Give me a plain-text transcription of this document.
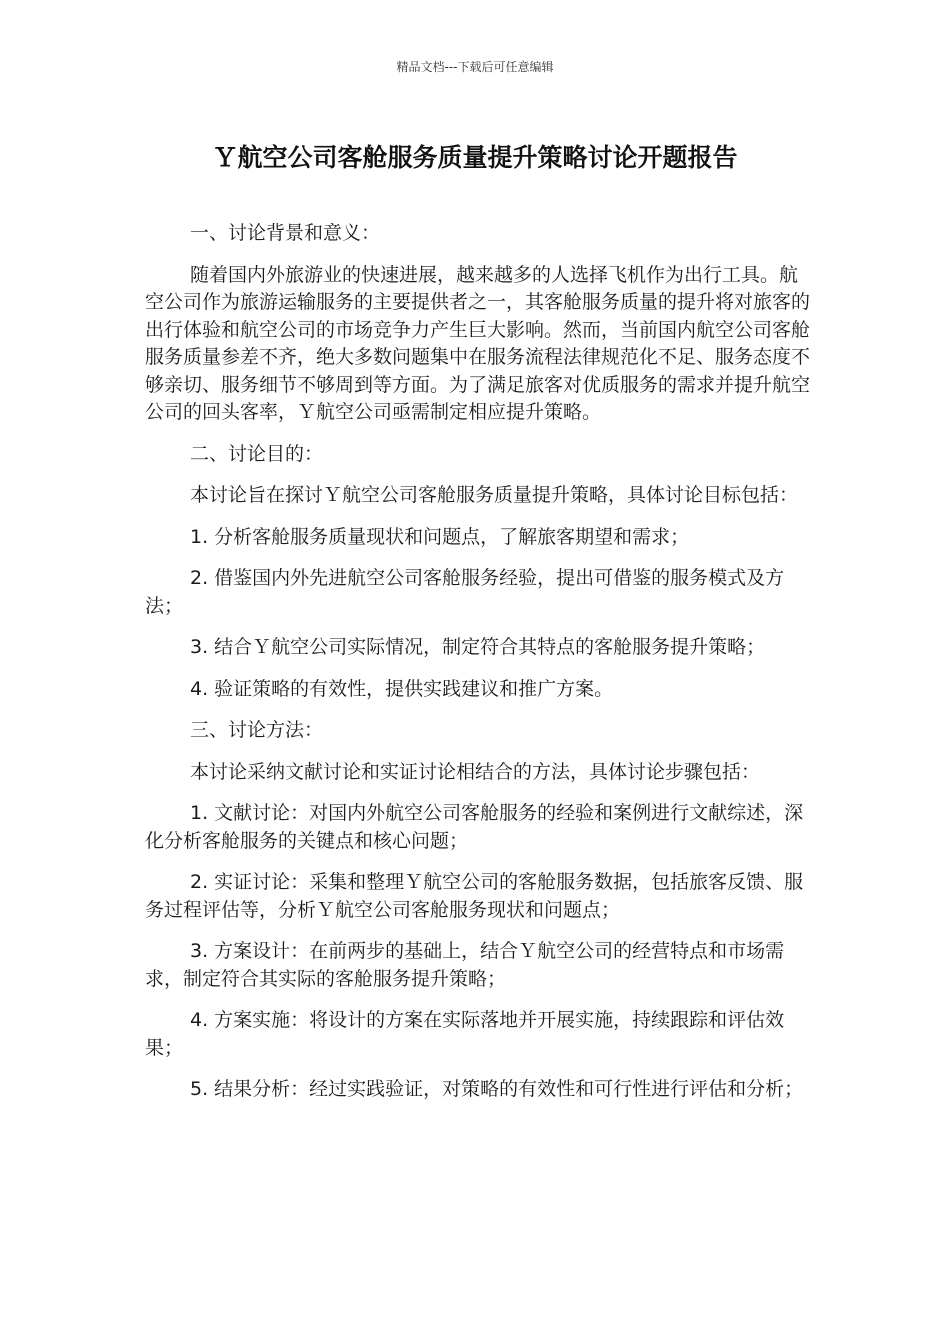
精品文档---下载后可任意编辑
Ｙ航空公司客舱服务质量提升策略讨论开题报告

一、讨论背景和意义：

随着国内外旅游业的快速进展，越来越多的人选择飞机作为出行工具。航空公司作为旅游运输服务的主要提供者之一，其客舱服务质量的提升将对旅客的出行体验和航空公司的市场竞争力产生巨大影响。然而，当前国内航空公司客舱服务质量参差不齐，绝大多数问题集中在服务流程法律规范化不足、服务态度不够亲切、服务细节不够周到等方面。为了满足旅客对优质服务的需求并提升航空公司的回头客率，Ｙ航空公司亟需制定相应提升策略。

二、讨论目的：

本讨论旨在探讨Ｙ航空公司客舱服务质量提升策略，具体讨论目标包括：

1. 分析客舱服务质量现状和问题点，了解旅客期望和需求；

2. 借鉴国内外先进航空公司客舱服务经验，提出可借鉴的服务模式及方法；

3. 结合Ｙ航空公司实际情况，制定符合其特点的客舱服务提升策略；

4. 验证策略的有效性，提供实践建议和推广方案。

三、讨论方法：

本讨论采纳文献讨论和实证讨论相结合的方法，具体讨论步骤包括：

1. 文献讨论：对国内外航空公司客舱服务的经验和案例进行文献综述，深化分析客舱服务的关键点和核心问题；

2. 实证讨论：采集和整理Ｙ航空公司的客舱服务数据，包括旅客反馈、服务过程评估等，分析Ｙ航空公司客舱服务现状和问题点；

3. 方案设计：在前两步的基础上，结合Ｙ航空公司的经营特点和市场需求，制定符合其实际的客舱服务提升策略；

4. 方案实施：将设计的方案在实际落地并开展实施，持续跟踪和评估效果；

5. 结果分析：经过实践验证，对策略的有效性和可行性进行评估和分析；
